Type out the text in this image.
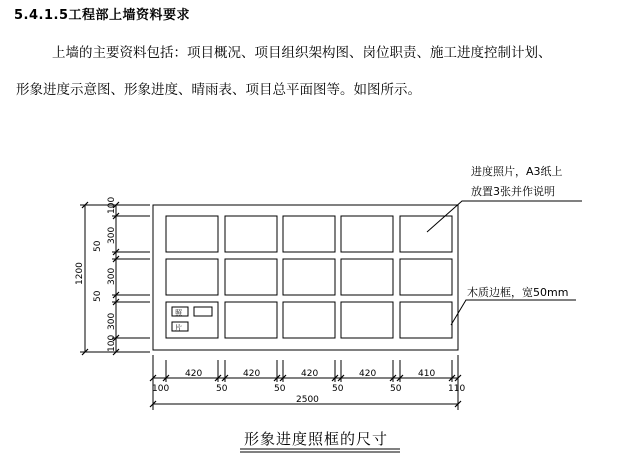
5.4.1.5工程部上墙资料要求
上墙的主要资料包括：项目概况、项目组织架构图、岗位职责、施工进度控制计划、
形象进度示意图、形象进度、晴雨表、项目总平面图等。如图所示。
进度照片，A3纸上
放置3张并作说明
木质边框，宽50mm
照
片
1200
100
300
50
300
50
300
100
420	420	420	420	410
100	50	50	50	50	110
2500
形象进度照框的尺寸
